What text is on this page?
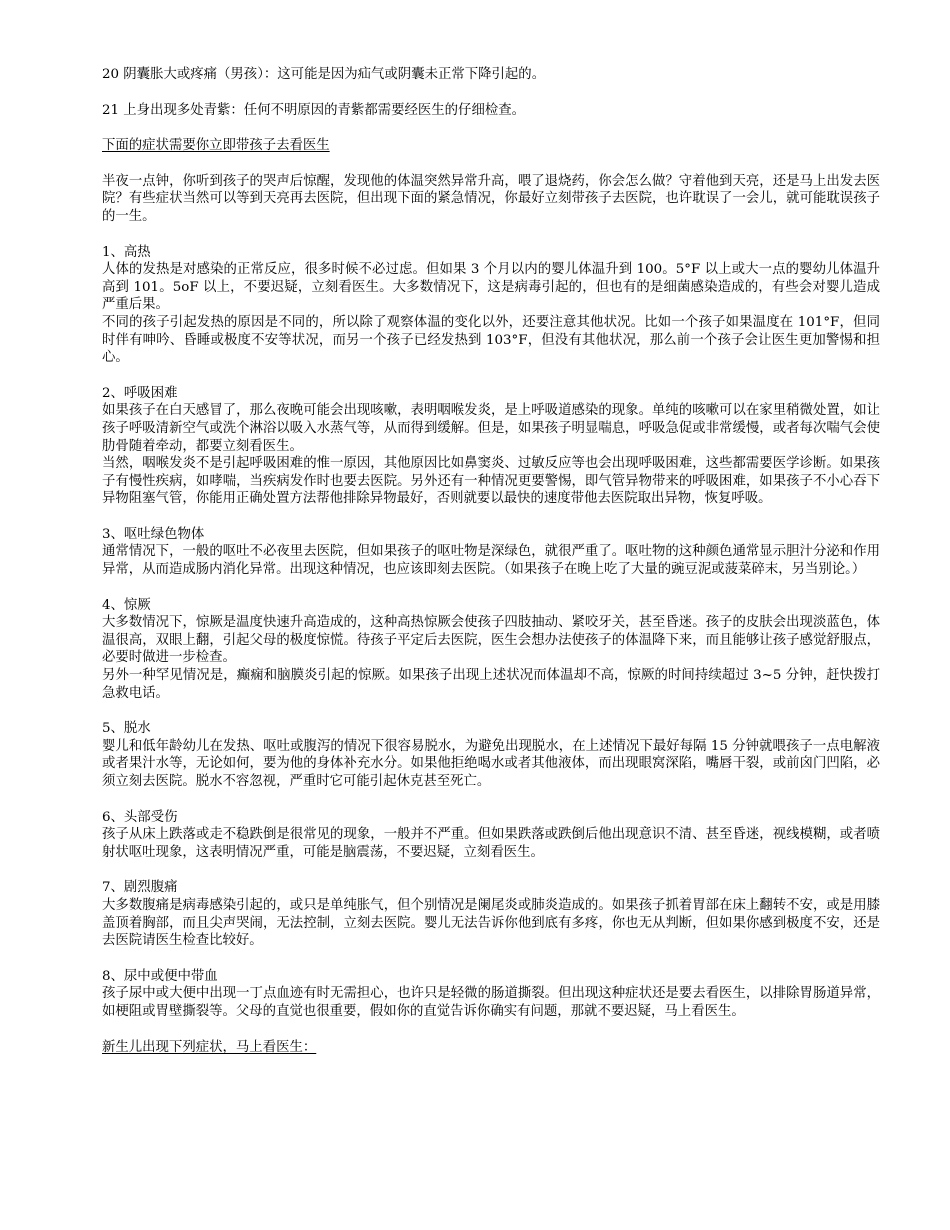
20 阴囊胀大或疼痛（男孩）：这可能是因为疝气或阴囊未正常下降引起的。

21 上身出现多处青紫：任何不明原因的青紫都需要经医生的仔细检查。

下面的症状需要你立即带孩子去看医生

半夜一点钟，你听到孩子的哭声后惊醒，发现他的体温突然异常升高，喂了退烧药，你会怎么做？守着他到天亮，还是马上出发去医院？有些症状当然可以等到天亮再去医院，但出现下面的紧急情况，你最好立刻带孩子去医院，也许耽误了一会儿，就可能耽误孩子的一生。

1、高热

人体的发热是对感染的正常反应，很多时候不必过虑。但如果 3 个月以内的婴儿体温升到 100。5°F 以上或大一点的婴幼儿体温升高到 101。5oF 以上，不要迟疑，立刻看医生。大多数情况下，这是病毒引起的，但也有的是细菌感染造成的，有些会对婴儿造成严重后果。

不同的孩子引起发热的原因是不同的，所以除了观察体温的变化以外，还要注意其他状况。比如一个孩子如果温度在 101°F，但同时伴有呻吟、昏睡或极度不安等状况，而另一个孩子已经发热到 103°F，但没有其他状况，那么前一个孩子会让医生更加警惕和担心。

2、呼吸困难

如果孩子在白天感冒了，那么夜晚可能会出现咳嗽，表明咽喉发炎，是上呼吸道感染的现象。单纯的咳嗽可以在家里稍微处置，如让孩子呼吸清新空气或洗个淋浴以吸入水蒸气等，从而得到缓解。但是，如果孩子明显喘息，呼吸急促或非常缓慢，或者每次喘气会使肋骨随着牵动，都要立刻看医生。

当然，咽喉发炎不是引起呼吸困难的惟一原因，其他原因比如鼻窦炎、过敏反应等也会出现呼吸困难，这些都需要医学诊断。如果孩子有慢性疾病，如哮喘，当疾病发作时也要去医院。另外还有一种情况更要警惕，即气管异物带来的呼吸困难，如果孩子不小心吞下异物阻塞气管，你能用正确处置方法帮他排除异物最好，否则就要以最快的速度带他去医院取出异物，恢复呼吸。

3、呕吐绿色物体

通常情况下，一般的呕吐不必夜里去医院，但如果孩子的呕吐物是深绿色，就很严重了。呕吐物的这种颜色通常显示胆汁分泌和作用异常，从而造成肠内消化异常。出现这种情况，也应该即刻去医院。（如果孩子在晚上吃了大量的豌豆泥或菠菜碎末，另当别论。）

4、惊厥

大多数情况下，惊厥是温度快速升高造成的，这种高热惊厥会使孩子四肢抽动、紧咬牙关，甚至昏迷。孩子的皮肤会出现淡蓝色，体温很高，双眼上翻，引起父母的极度惊慌。待孩子平定后去医院，医生会想办法使孩子的体温降下来，而且能够让孩子感觉舒服点，必要时做进一步检查。

另外一种罕见情况是，癫痫和脑膜炎引起的惊厥。如果孩子出现上述状况而体温却不高，惊厥的时间持续超过 3~5 分钟，赶快拨打急救电话。

5、脱水

婴儿和低年龄幼儿在发热、呕吐或腹泻的情况下很容易脱水，为避免出现脱水，在上述情况下最好每隔 15 分钟就喂孩子一点电解液或者果汁水等，无论如何，要为他的身体补充水分。如果他拒绝喝水或者其他液体，而出现眼窝深陷，嘴唇干裂，或前囟门凹陷，必须立刻去医院。脱水不容忽视，严重时它可能引起休克甚至死亡。

6、头部受伤

孩子从床上跌落或走不稳跌倒是很常见的现象，一般并不严重。但如果跌落或跌倒后他出现意识不清、甚至昏迷，视线模糊，或者喷射状呕吐现象，这表明情况严重，可能是脑震荡，不要迟疑，立刻看医生。

7、剧烈腹痛

大多数腹痛是病毒感染引起的，或只是单纯胀气，但个别情况是阑尾炎或肺炎造成的。如果孩子抓着胃部在床上翻转不安，或是用膝盖顶着胸部，而且尖声哭闹，无法控制，立刻去医院。婴儿无法告诉你他到底有多疼，你也无从判断，但如果你感到极度不安，还是去医院请医生检查比较好。

8、尿中或便中带血

孩子尿中或大便中出现一丁点血迹有时无需担心，也许只是轻微的肠道撕裂。但出现这种症状还是要去看医生，以排除胃肠道异常，如梗阻或胃壁撕裂等。父母的直觉也很重要，假如你的直觉告诉你确实有问题，那就不要迟疑，马上看医生。

新生儿出现下列症状，马上看医生：
